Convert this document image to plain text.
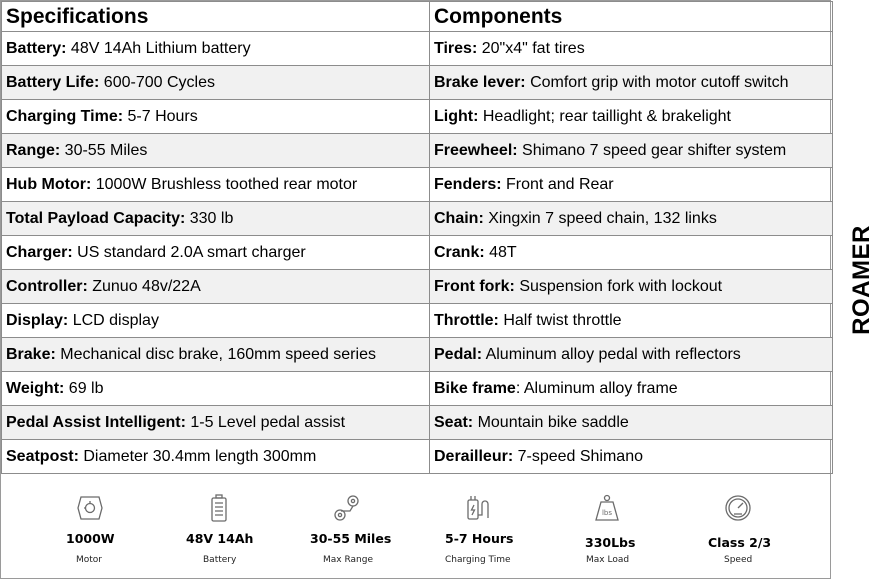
Specifications	Components
Battery: 48V 14Ah Lithium battery	Tires: 20"x4" fat tires
Battery Life: 600-700 Cycles	Brake lever: Comfort grip with motor cutoff switch
Charging Time: 5-7 Hours	Light: Headlight; rear taillight & brakelight
Range: 30-55 Miles	Freewheel: Shimano 7 speed gear shifter system
Hub Motor: 1000W Brushless toothed rear motor	Fenders: Front and Rear
Total Payload Capacity: 330 lb	Chain: Xingxin 7 speed chain, 132 links
Charger: US standard 2.0A smart charger	Crank: 48T
Controller: Zunuo 48v/22A	Front fork: Suspension fork with lockout
Display: LCD display	Throttle: Half twist throttle
Brake: Mechanical disc brake, 160mm speed series	Pedal: Aluminum alloy pedal with reflectors
Weight: 69 lb	Bike frame: Aluminum alloy frame
Pedal Assist Intelligent: 1-5 Level pedal assist	Seat: Mountain bike saddle
Seatpost: Diameter 30.4mm length 300mm	Derailleur: 7-speed Shimano
1000W
Motor
48V 14Ah
Battery
30-55 Miles
Max Range
5-7 Hours
Charging Time
lbs
330Lbs
Max Load
Class 2/3
Speed
ROAMER
